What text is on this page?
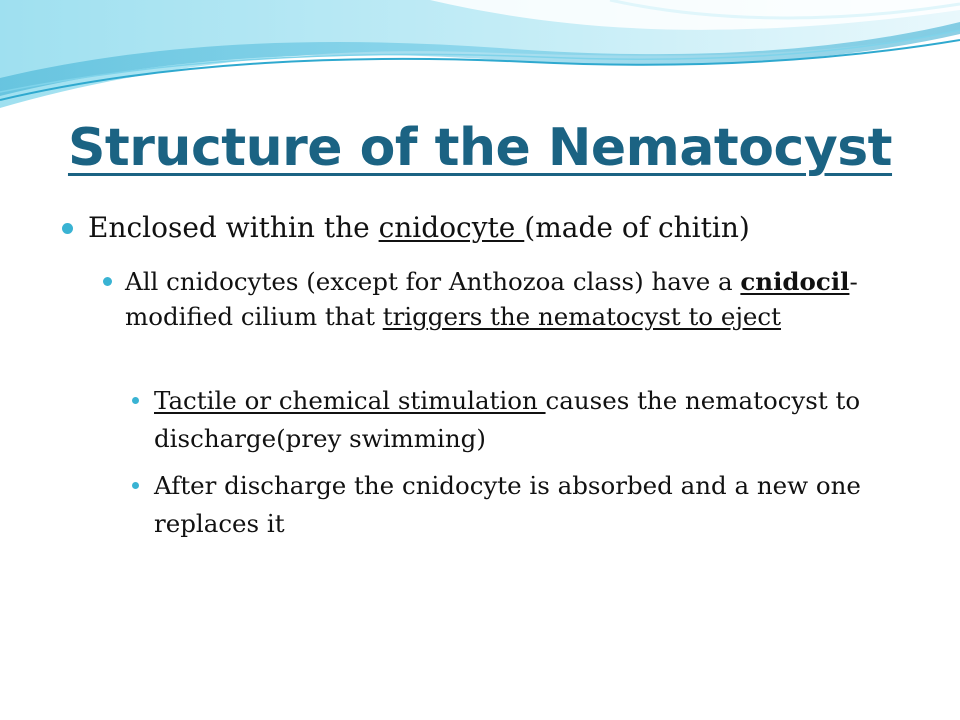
Structure of the Nematocyst

Enclosed within the cnidocyte (made of chitin)

All cnidocytes (except for Anthozoa class) have a cnidocil- modified cilium that triggers the nematocyst to eject

Tactile or chemical stimulation causes the nematocyst to discharge(prey swimming)

After discharge the cnidocyte is absorbed and a new one replaces it
